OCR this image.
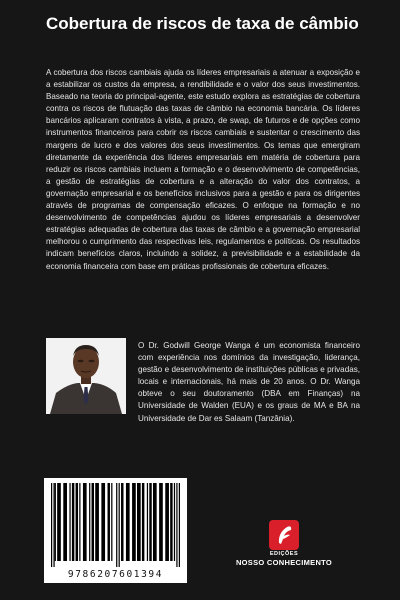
Cobertura de riscos de taxa de câmbio
A cobertura dos riscos cambiais ajuda os líderes empresariais a atenuar a exposição e a estabilizar os custos da empresa, a rendibilidade e o valor dos seus investimentos. Baseado na teoria do principal-agente, este estudo explora as estratégias de cobertura contra os riscos de flutuação das taxas de câmbio na economia bancária. Os líderes bancários aplicaram contratos à vista, a prazo, de swap, de futuros e de opções como instrumentos financeiros para cobrir os riscos cambiais e sustentar o crescimento das margens de lucro e dos valores dos seus investimentos. Os temas que emergiram diretamente da experiência dos líderes empresariais em matéria de cobertura para reduzir os riscos cambiais incluem a formação e o desenvolvimento de competências, a gestão de estratégias de cobertura e a alteração do valor dos contratos, a governação empresarial e os benefícios inclusivos para a gestão e para os dirigentes através de programas de compensação eficazes. O enfoque na formação e no desenvolvimento de competências ajudou os líderes empresariais a desenvolver estratégias adequadas de cobertura das taxas de câmbio e a governação empresarial melhorou o cumprimento das respectivas leis, regulamentos e políticas. Os resultados indicam benefícios claros, incluindo a solidez, a previsibilidade e a estabilidade da economia financeira com base em práticas profissionais de cobertura eficazes.
O Dr. Godwill George Wanga é um economista financeiro com experiência nos domínios da investigação, liderança, gestão e desenvolvimento de instituições públicas e privadas, locais e internacionais, há mais de 20 anos. O Dr. Wanga obteve o seu doutoramento (DBA em Finanças) na Universidade de Walden (EUA) e os graus de MA e BA na Universidade de Dar es Salaam (Tanzânia).
9786207601394
EDIÇÕES
NOSSO CONHECIMENTO
